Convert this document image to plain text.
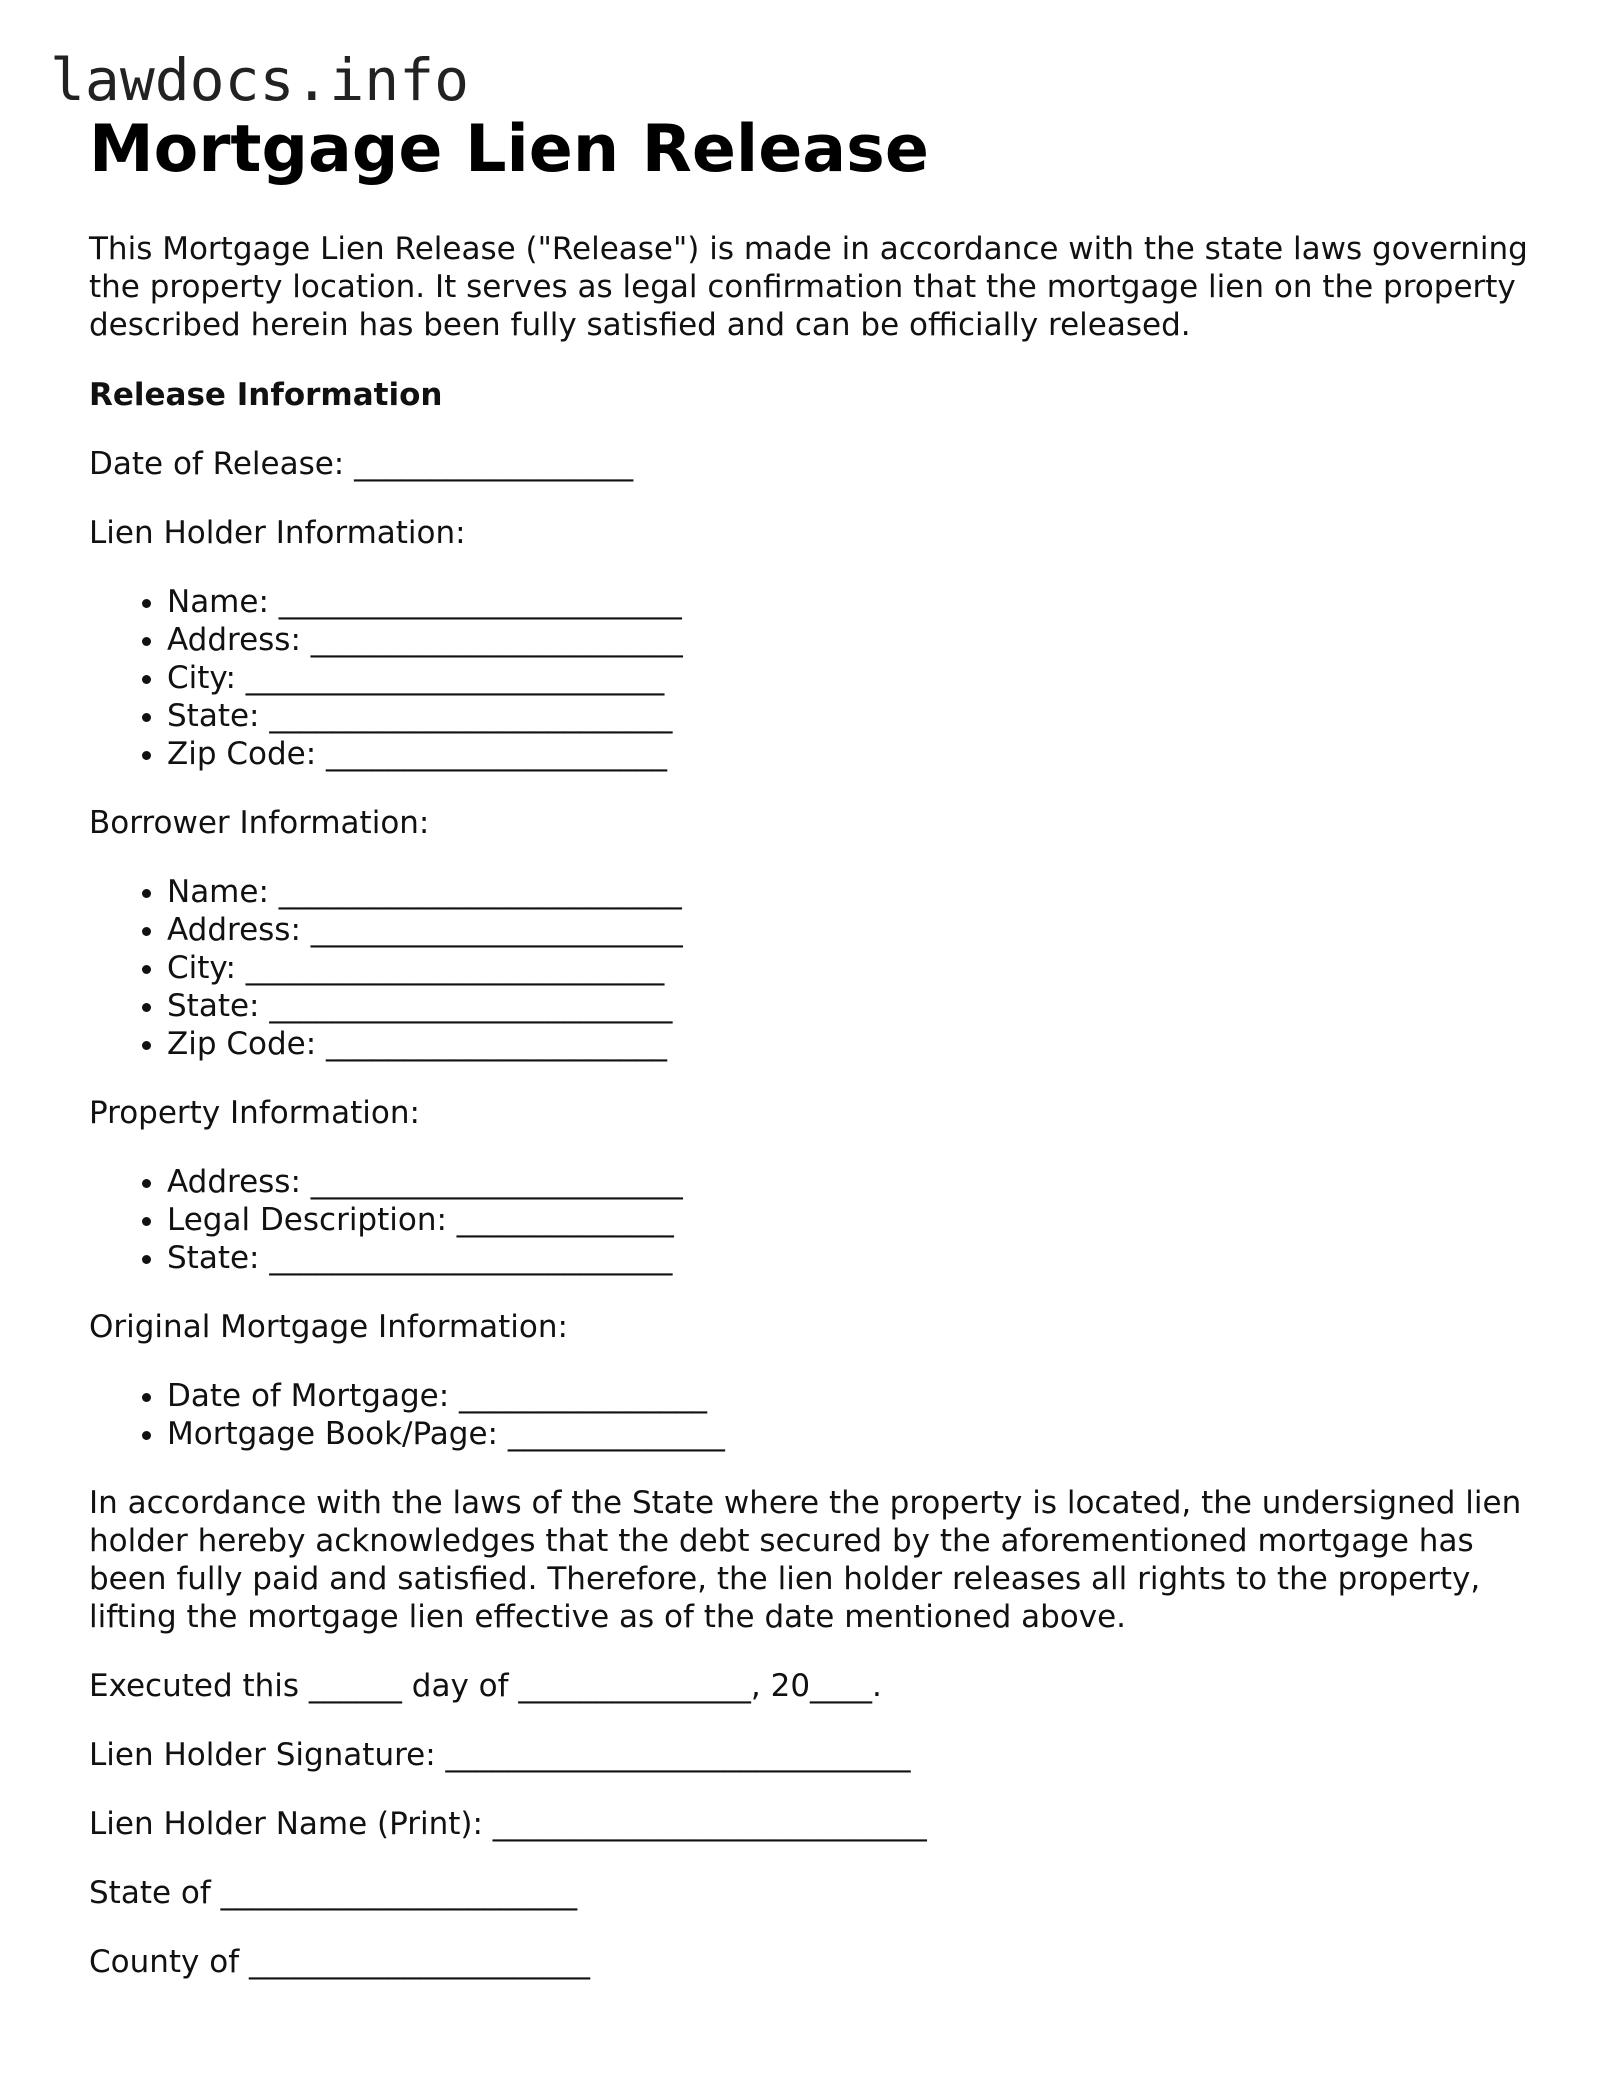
lawdocs.info
Mortgage Lien Release

This Mortgage Lien Release ("Release") is made in accordance with the state laws governing the property location. It serves as legal confirmation that the mortgage lien on the property described herein has been fully satisfied and can be officially released.

Release Information

Date of Release: __________________

Lien Holder Information:

• Name: __________________________
• Address: ________________________
• City: ___________________________
• State: __________________________
• Zip Code: ______________________

Borrower Information:

• Name: __________________________
• Address: ________________________
• City: ___________________________
• State: __________________________
• Zip Code: ______________________

Property Information:

• Address: ________________________
• Legal Description: ______________
• State: __________________________

Original Mortgage Information:

• Date of Mortgage: ________________
• Mortgage Book/Page: ______________

In accordance with the laws of the State where the property is located, the undersigned lien holder hereby acknowledges that the debt secured by the aforementioned mortgage has been fully paid and satisfied. Therefore, the lien holder releases all rights to the property, lifting the mortgage lien effective as of the date mentioned above.

Executed this ______ day of _______________, 20____.

Lien Holder Signature: ______________________________

Lien Holder Name (Print): ____________________________

State of _______________________

County of ______________________
